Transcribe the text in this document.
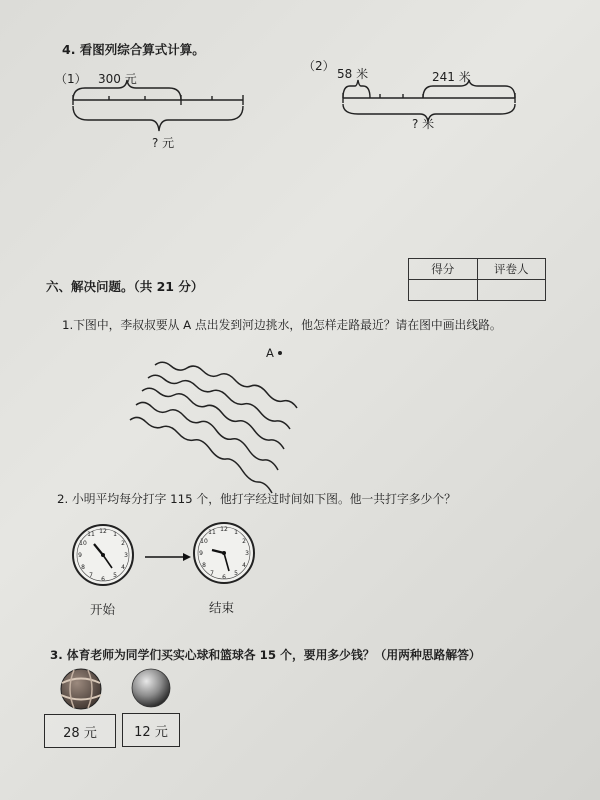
4. 看图列综合算式计算。
（1） 300 元
? 元
（2）
58 米	241 米
? 米
12 1
2
3
4
5
6
7
8
9
10
11
12 1
2
3
4
5
6
7
8
9
10
11
六、解决问题。（共 21 分）
得分	评卷人

1.下图中，李叔叔要从 A 点出发到河边挑水，他怎样走路最近？请在图中画出线路。
A
2. 小明平均每分打字 115 个，他打字经过时间如下图。他一共打字多少个？
开始	结束
3. 体育老师为同学们买实心球和篮球各 15 个，要用多少钱？（用两种思路解答）
28 元	12 元
